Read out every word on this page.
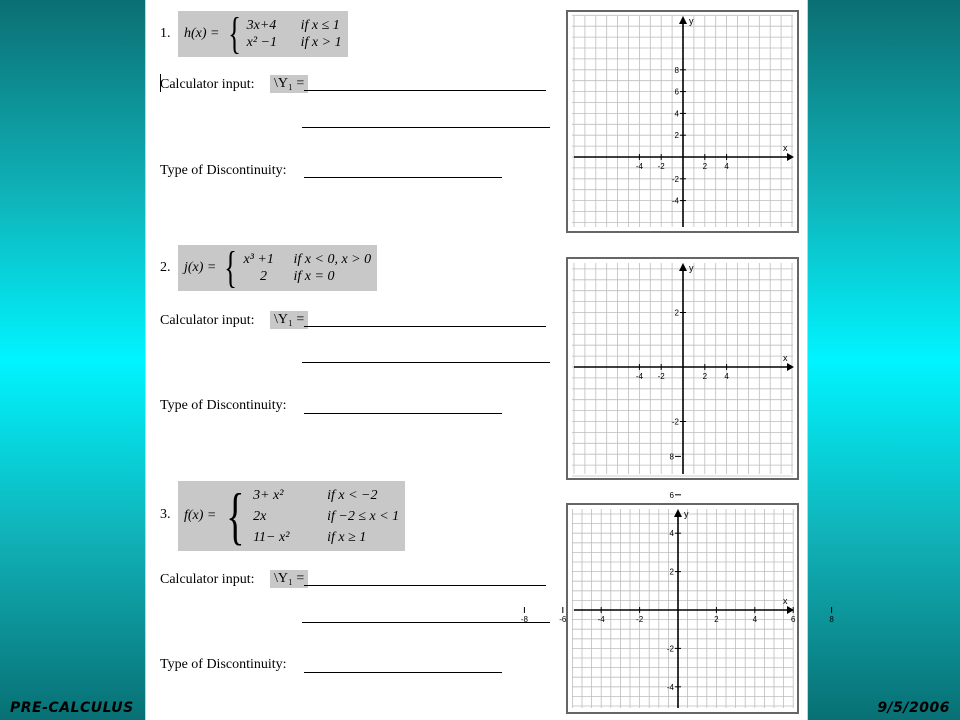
1. h(x) = { 3x+4	if x ≤ 1
x² −1	if x > 1
Calculator input: \Y₁ =
Type of Discontinuity:
2. j(x) = { x³ +1	if x < 0, x > 0
2	if x = 0
Calculator input: \Y₁ =
Type of Discontinuity:
3. f(x) = { 3+ x²	if x < −2
2x	if −2 ≤ x < 1
11− x²	if x ≥ 1
Calculator input: \Y₁ =
Type of Discontinuity:
x
y
-4 -2	2 4
8
6
4
2
-2
-4
x
y
-4 -2	2 4
2
-2
x
y
-8	-6	-4	-2	2	4	6	8
8
6
4
2
-2
-4
PRE-CALCULUS	9/5/2006
